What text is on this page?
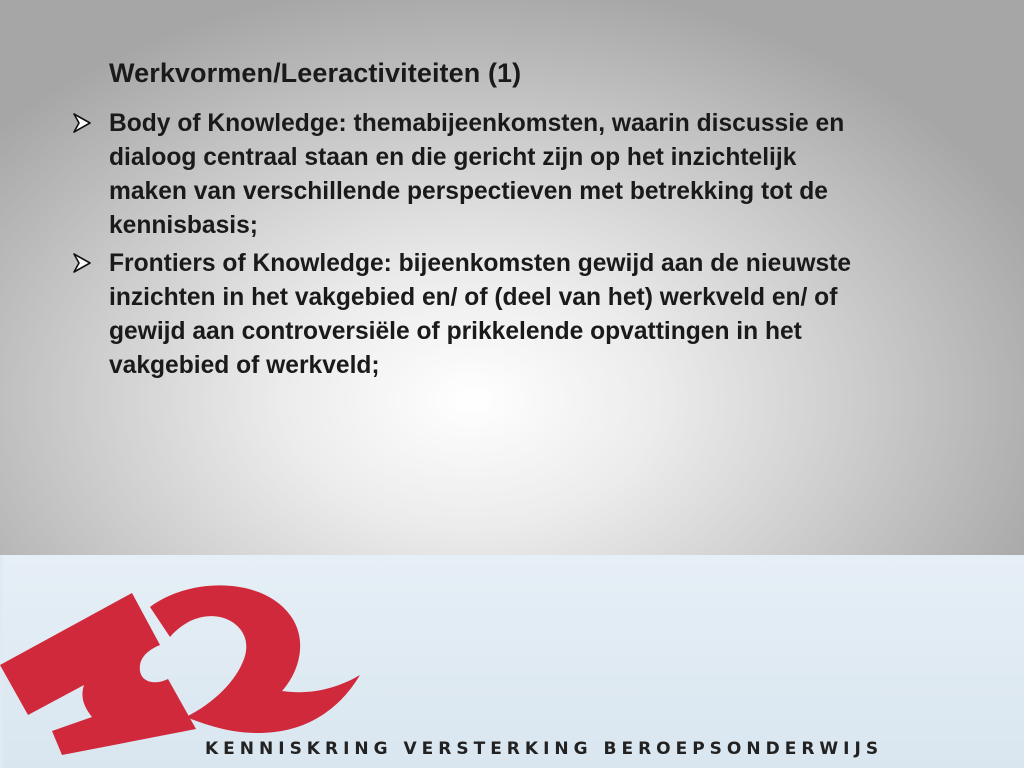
Werkvormen/Leeractiviteiten (1)
Body of Knowledge: themabijeenkomsten, waarin discussie en dialoog centraal staan en die gericht zijn op het inzichtelijk maken van verschillende perspectieven met betrekking tot de kennisbasis;
Frontiers of Knowledge: bijeenkomsten gewijd aan de nieuwste inzichten in het vakgebied en/ of (deel van het) werkveld en/ of gewijd aan controversiële of prikkelende opvattingen in het vakgebied of werkveld;
KENNISKRING VERSTERKING BEROEPSONDERWIJS
